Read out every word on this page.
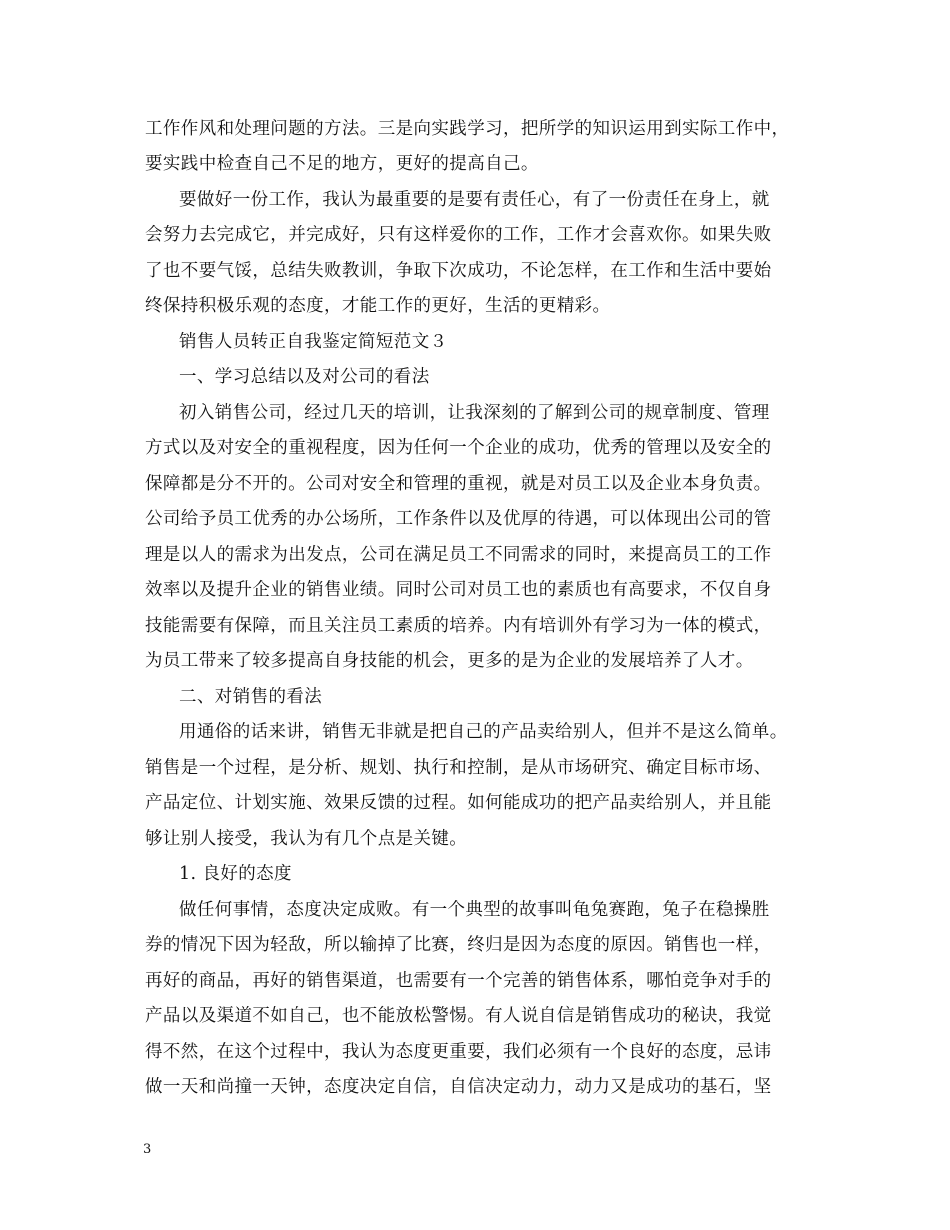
工作作风和处理问题的方法。三是向实践学习，把所学的知识运用到实际工作中，
要实践中检查自己不足的地方，更好的提高自己。
要做好一份工作，我认为最重要的是要有责任心，有了一份责任在身上，就
会努力去完成它，并完成好，只有这样爱你的工作，工作才会喜欢你。如果失败
了也不要气馁，总结失败教训，争取下次成功，不论怎样，在工作和生活中要始
终保持积极乐观的态度，才能工作的更好，生活的更精彩。
销售人员转正自我鉴定简短范文３
一、学习总结以及对公司的看法
初入销售公司，经过几天的培训，让我深刻的了解到公司的规章制度、管理
方式以及对安全的重视程度，因为任何一个企业的成功，优秀的管理以及安全的
保障都是分不开的。公司对安全和管理的重视，就是对员工以及企业本身负责。
公司给予员工优秀的办公场所，工作条件以及优厚的待遇，可以体现出公司的管
理是以人的需求为出发点，公司在满足员工不同需求的同时，来提高员工的工作
效率以及提升企业的销售业绩。同时公司对员工也的素质也有高要求，不仅自身
技能需要有保障，而且关注员工素质的培养。内有培训外有学习为一体的模式，
为员工带来了较多提高自身技能的机会，更多的是为企业的发展培养了人才。
二、对销售的看法
用通俗的话来讲，销售无非就是把自己的产品卖给别人，但并不是这么简单。
销售是一个过程，是分析、规划、执行和控制，是从市场研究、确定目标市场、
产品定位、计划实施、效果反馈的过程。如何能成功的把产品卖给别人，并且能
够让别人接受，我认为有几个点是关键。
1. 良好的态度
做任何事情，态度决定成败。有一个典型的故事叫龟兔赛跑，兔子在稳操胜
券的情况下因为轻敌，所以输掉了比赛，终归是因为态度的原因。销售也一样，
再好的商品，再好的销售渠道，也需要有一个完善的销售体系，哪怕竞争对手的
产品以及渠道不如自己，也不能放松警惕。有人说自信是销售成功的秘诀，我觉
得不然，在这个过程中，我认为态度更重要，我们必须有一个良好的态度，忌讳
做一天和尚撞一天钟，态度决定自信，自信决定动力，动力又是成功的基石，坚
3
